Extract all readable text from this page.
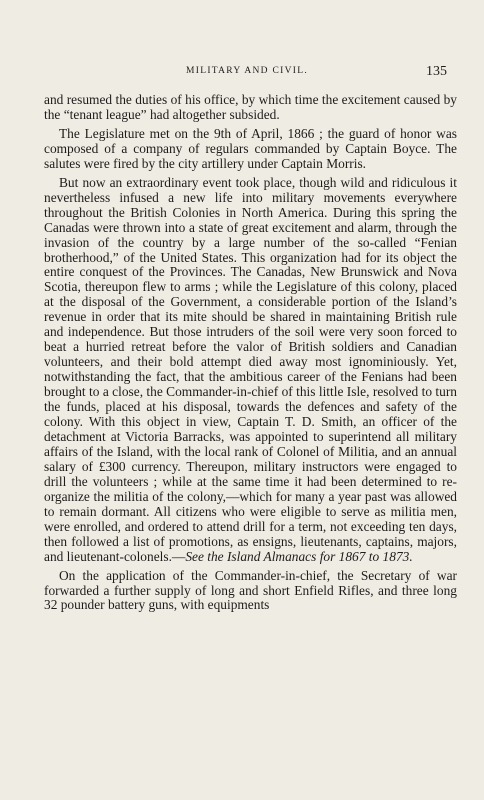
MILITARY AND CIVIL.	135

and resumed the duties of his office, by which time the excitement caused by the “tenant league” had altogether subsided.

The Legislature met on the 9th of April, 1866 ; the guard of honor was composed of a company of regulars commanded by Captain Boyce. The salutes were fired by the city artillery under Captain Morris.

But now an extraordinary event took place, though wild and ridiculous it nevertheless infused a new life into military movements everywhere throughout the British Colonies in North America. During this spring the Canadas were thrown into a state of great excitement and alarm, through the invasion of the country by a large number of the so-called “Fenian brotherhood,” of the United States. This organization had for its object the entire conquest of the Provinces. The Canadas, New Brunswick and Nova Scotia, thereupon flew to arms ; while the Legislature of this colony, placed at the disposal of the Government, a considerable portion of the Island’s revenue in order that its mite should be shared in maintaining British rule and independence. But those intruders of the soil were very soon forced to beat a hurried retreat before the valor of British soldiers and Canadian volunteers, and their bold attempt died away most ignominiously. Yet, notwithstanding the fact, that the ambitious career of the Fenians had been brought to a close, the Commander-in-chief of this little Isle, resolved to turn the funds, placed at his disposal, towards the defences and safety of the colony. With this object in view, Captain T. D. Smith, an officer of the detachment at Victoria Barracks, was appointed to superintend all military affairs of the Island, with the local rank of Colonel of Militia, and an annual salary of £300 currency. Thereupon, military instructors were engaged to drill the volunteers ; while at the same time it had been determined to re-organize the militia of the colony,—which for many a year past was allowed to remain dormant. All citizens who were eligible to serve as militia men, were enrolled, and ordered to attend drill for a term, not exceeding ten days, then followed a list of promotions, as ensigns, lieutenants, captains, majors, and lieutenant-colonels.—See the Island Almanacs for 1867 to 1873.

On the application of the Commander-in-chief, the Secretary of war forwarded a further supply of long and short Enfield Rifles, and three long 32 pounder battery guns, with equipments
